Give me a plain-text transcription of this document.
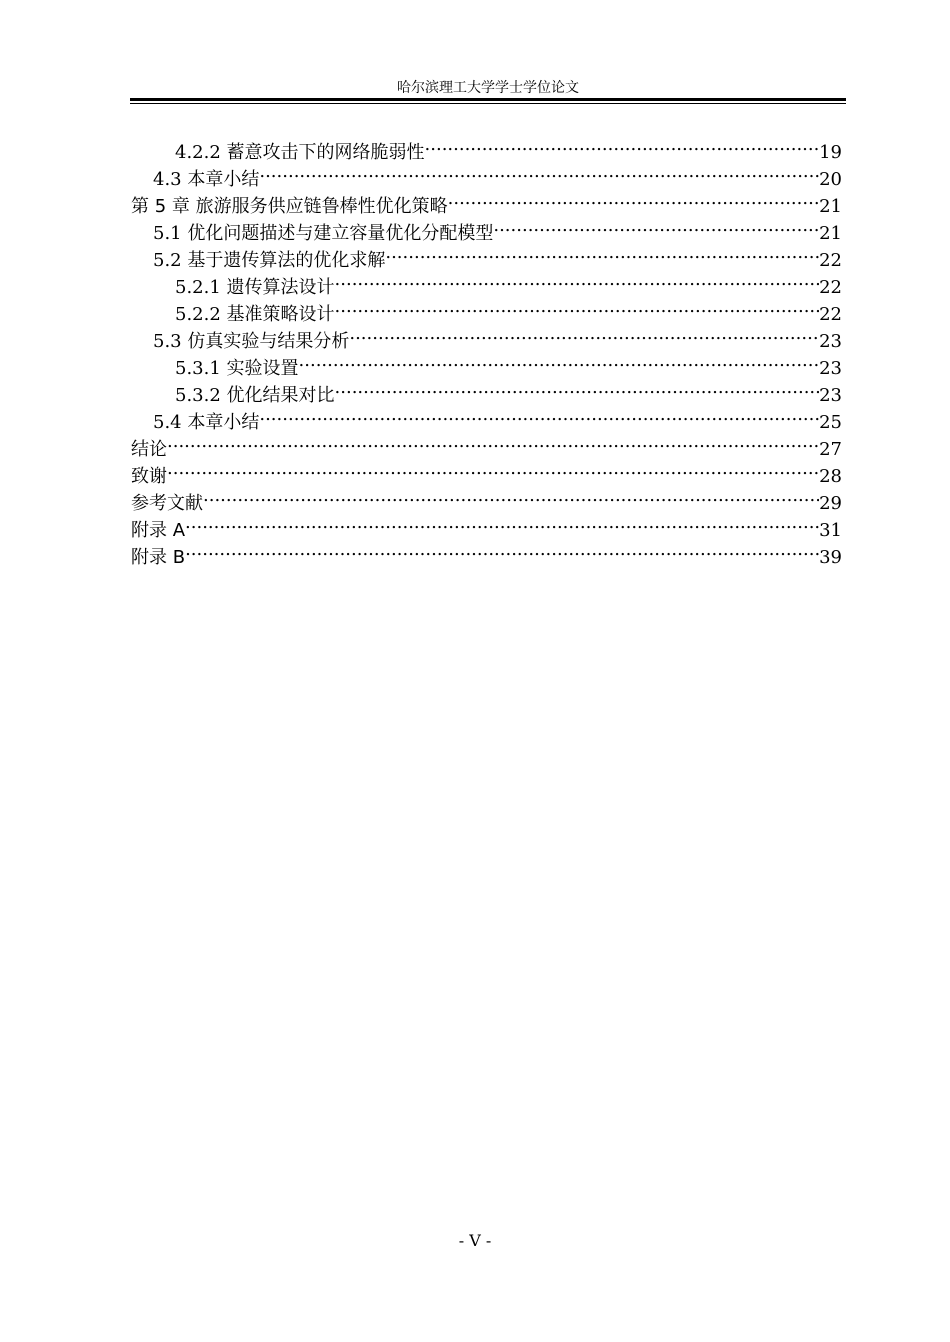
哈尔滨理工大学学士学位论文
4.2.2 蓄意攻击下的网络脆弱性 .....	19
4.3 本章小结 .....	20
第 5 章 旅游服务供应链鲁棒性优化策略 .....	21
5.1 优化问题描述与建立容量优化分配模型 .....	21
5.2 基于遗传算法的优化求解 .....	22
5.2.1 遗传算法设计 .....	22
5.2.2 基准策略设计 .....	22
5.3 仿真实验与结果分析 .....	23
5.3.1 实验设置 .....	23
5.3.2 优化结果对比 .....	23
5.4 本章小结 .....	25
结论 .....	27
致谢 .....	28
参考文献 .....	29
附录 A .....	31
附录 B .....	39
- V -
